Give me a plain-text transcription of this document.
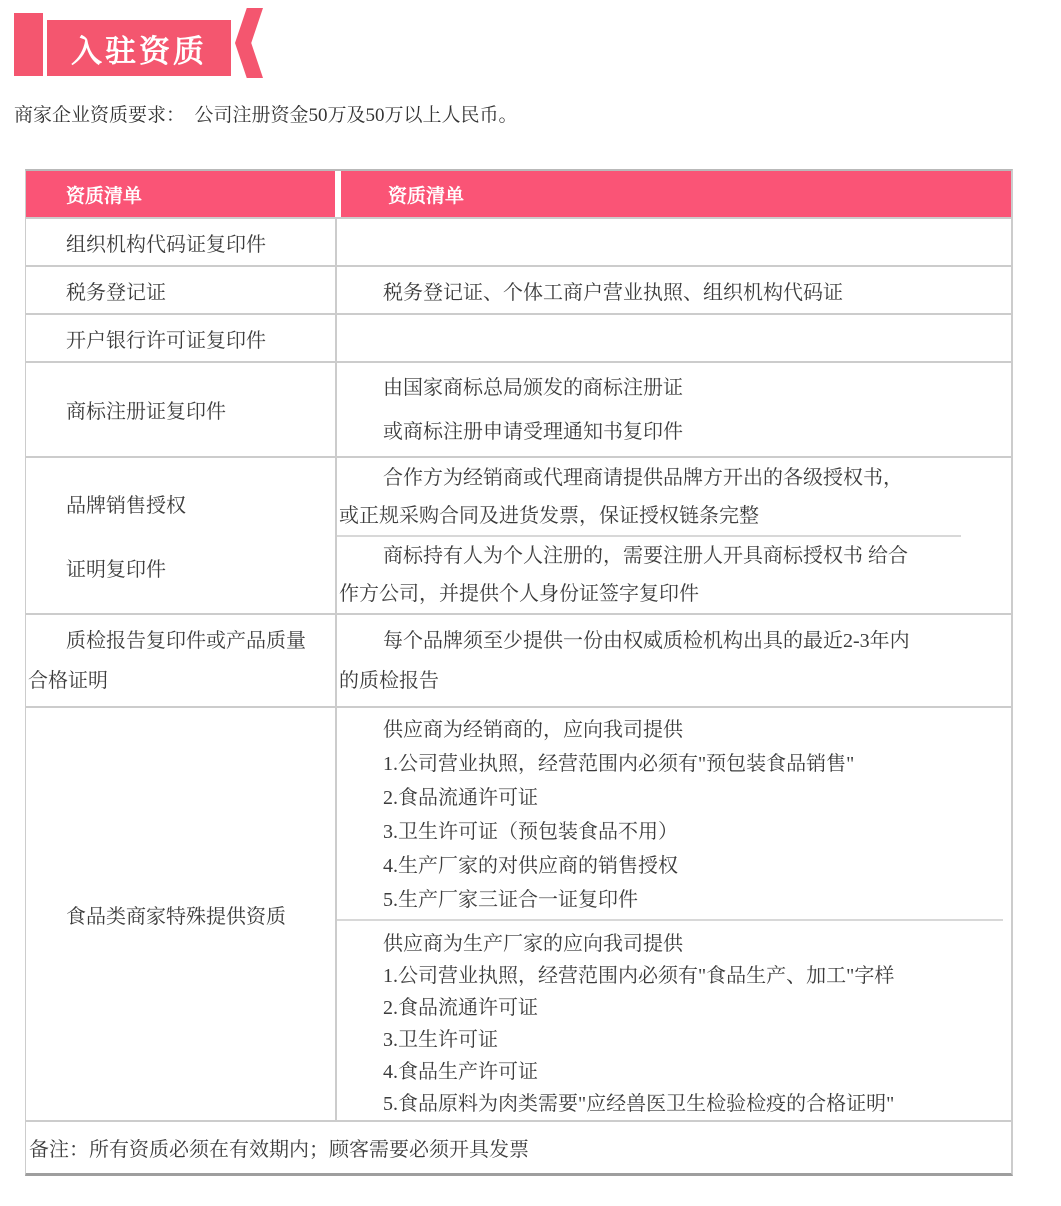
入驻资质

商家企业资质要求：　公司注册资金50万及50万以上人民币。

资质清单	资质清单

组织机构代码证复印件

税务登记证	税务登记证、个体工商户营业执照、组织机构代码证

开户银行许可证复印件

商标注册证复印件

由国家商标总局颁发的商标注册证

或商标注册申请受理通知书复印件

品牌销售授权

证明复印件

合作方为经销商或代理商请提供品牌方开出的各级授权书，

或正规采购合同及进货发票，保证授权链条完整

商标持有人为个人注册的，需要注册人开具商标授权书 给合

作方公司，并提供个人身份证签字复印件

质检报告复印件或产品质量

合格证明

每个品牌须至少提供一份由权威质检机构出具的最近2-3年内

的质检报告

食品类商家特殊提供资质

供应商为经销商的，应向我司提供

1.公司营业执照，经营范围内必须有"预包装食品销售"

2.食品流通许可证

3.卫生许可证（预包装食品不用）

4.生产厂家的对供应商的销售授权

5.生产厂家三证合一证复印件

供应商为生产厂家的应向我司提供

1.公司营业执照，经营范围内必须有"食品生产、加工"字样

2.食品流通许可证

3.卫生许可证

4.食品生产许可证

5.食品原料为肉类需要"应经兽医卫生检验检疫的合格证明"

备注：所有资质必须在有效期内；顾客需要必须开具发票
